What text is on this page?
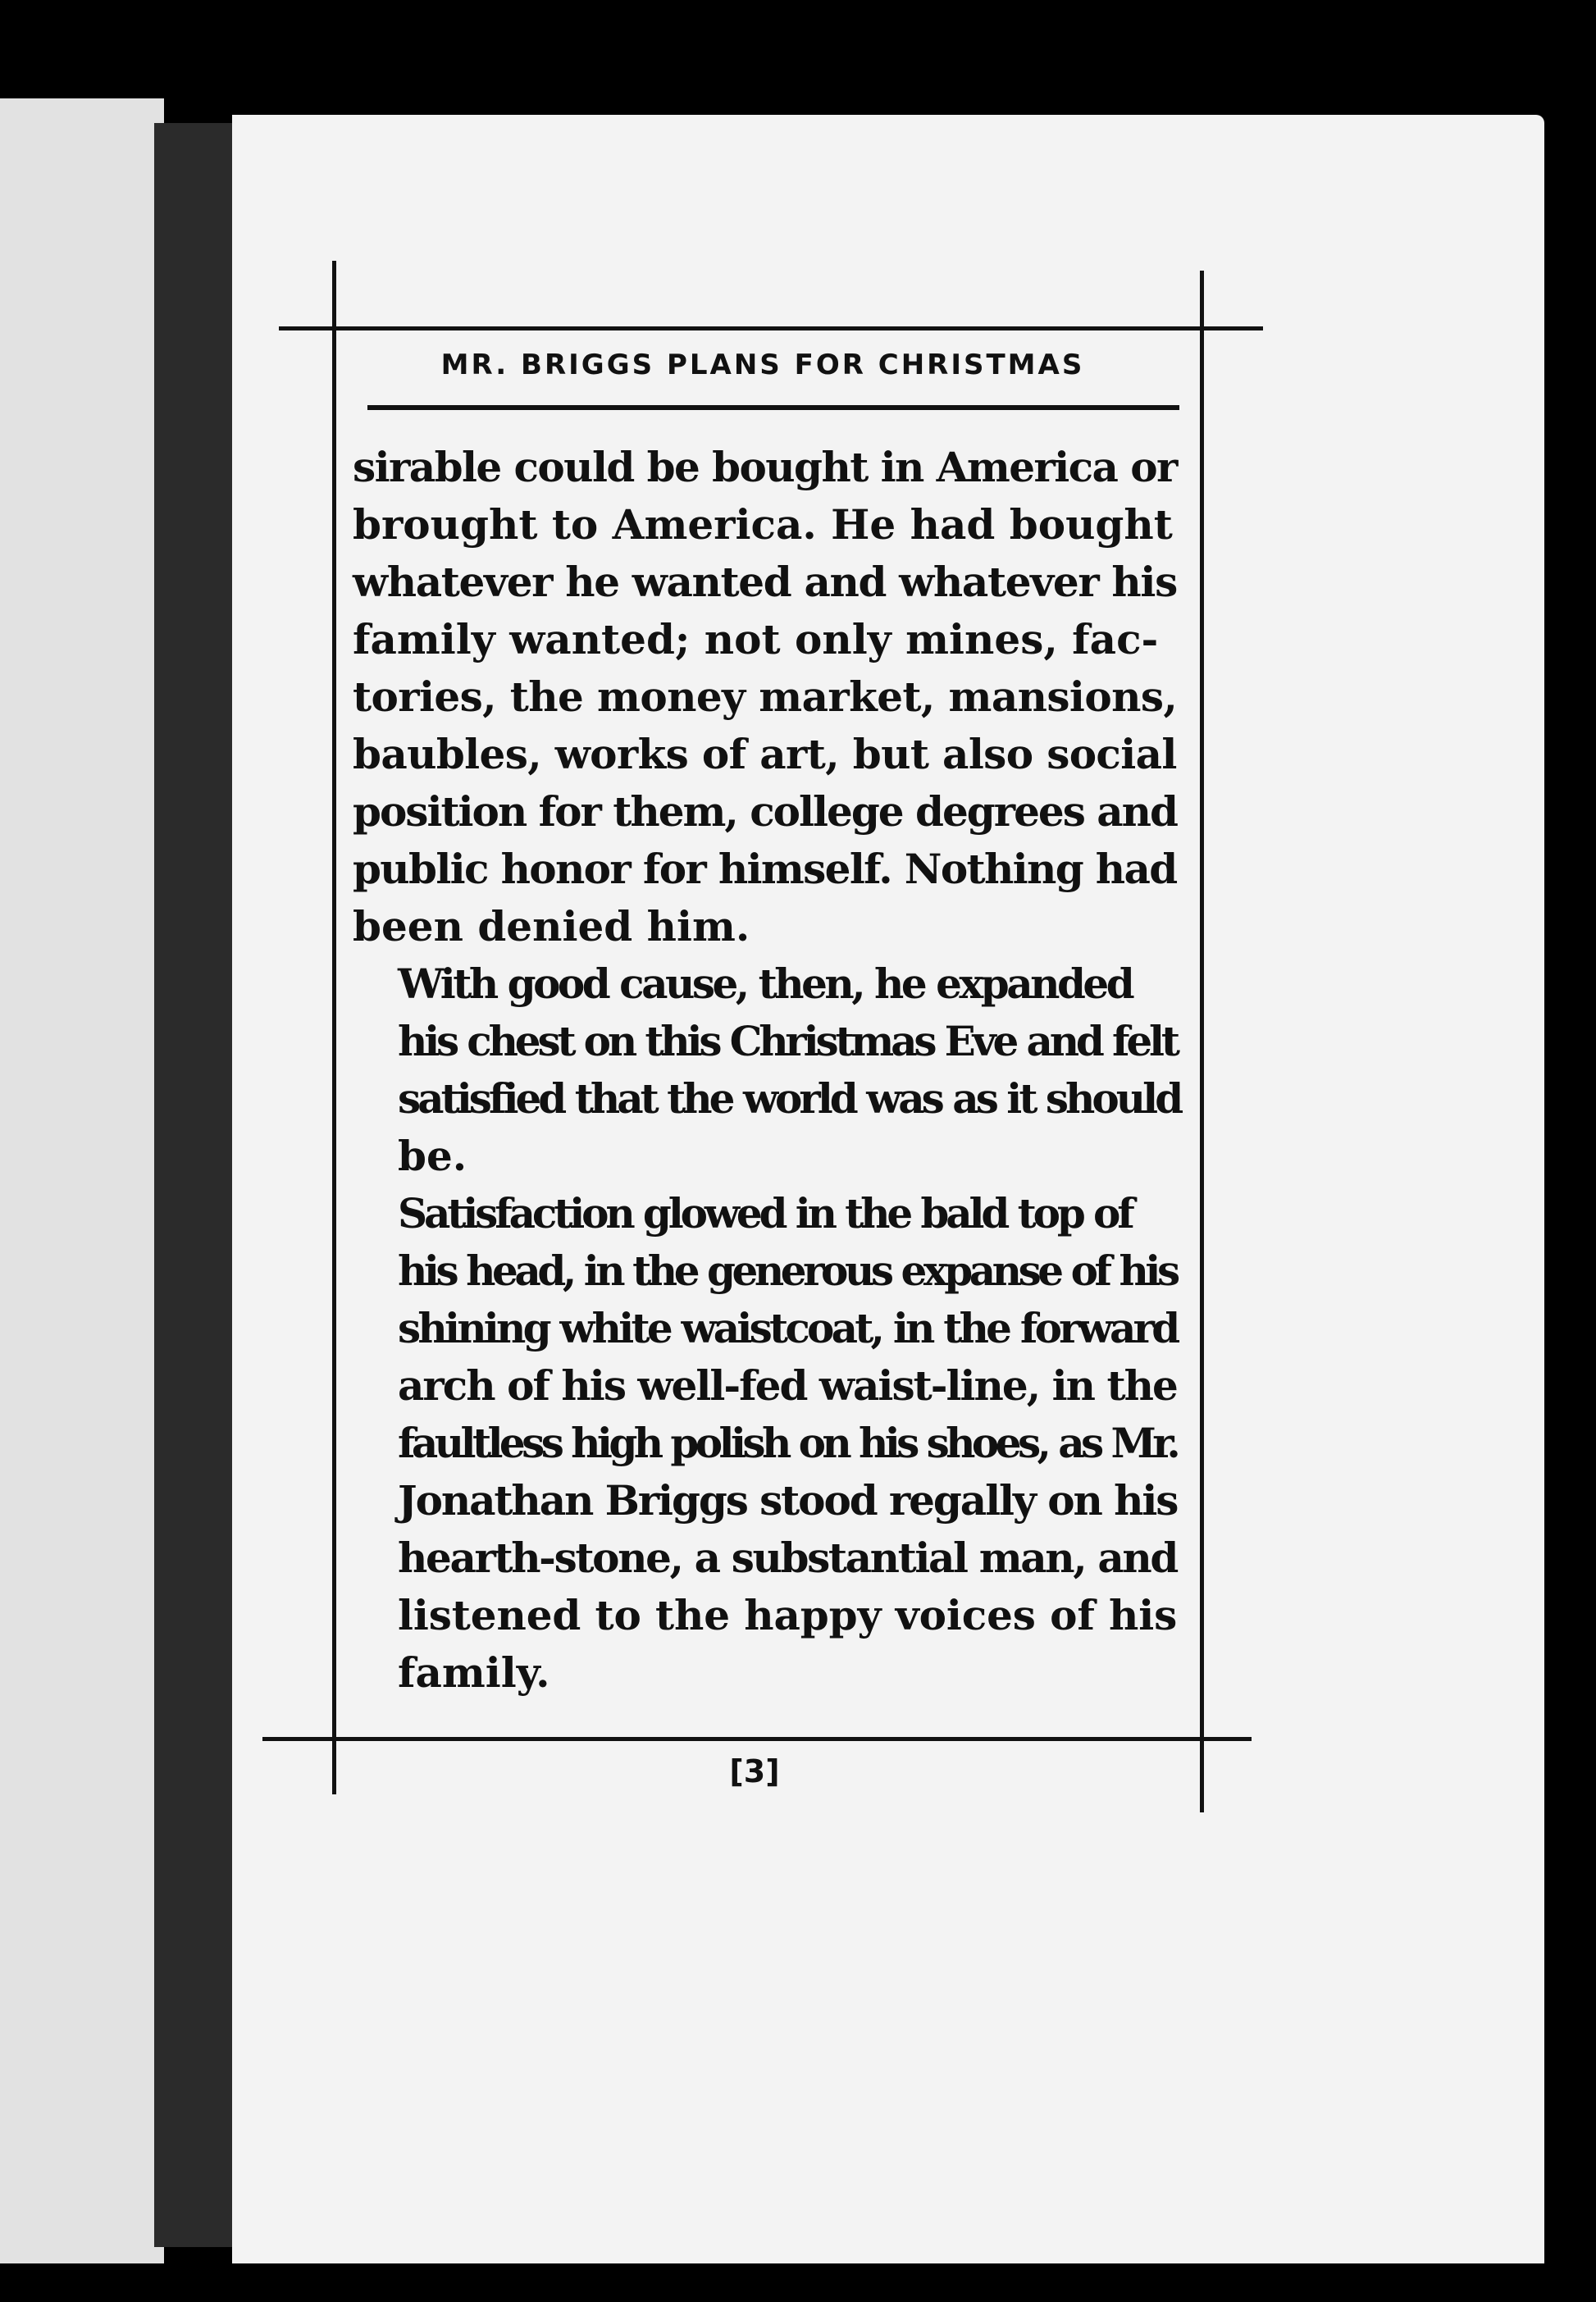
MR. BRIGGS PLANS FOR CHRISTMAS

sirable could be bought in America or
brought to America. He had bought
whatever he wanted and whatever his
family wanted; not only mines, fac-
tories, the money market, mansions,
baubles, works of art, but also social
position for them, college degrees and
public honor for himself. Nothing had
been denied him.

With good cause, then, he expanded
his chest on this Christmas Eve and felt
satisfied that the world was as it should
be.

Satisfaction glowed in the bald top of
his head, in the generous expanse of his
shining white waistcoat, in the forward
arch of his well-fed waist-line, in the
faultless high polish on his shoes, as Mr.
Jonathan Briggs stood regally on his
hearth-stone, a substantial man, and
listened to the happy voices of his
family.

[3]
